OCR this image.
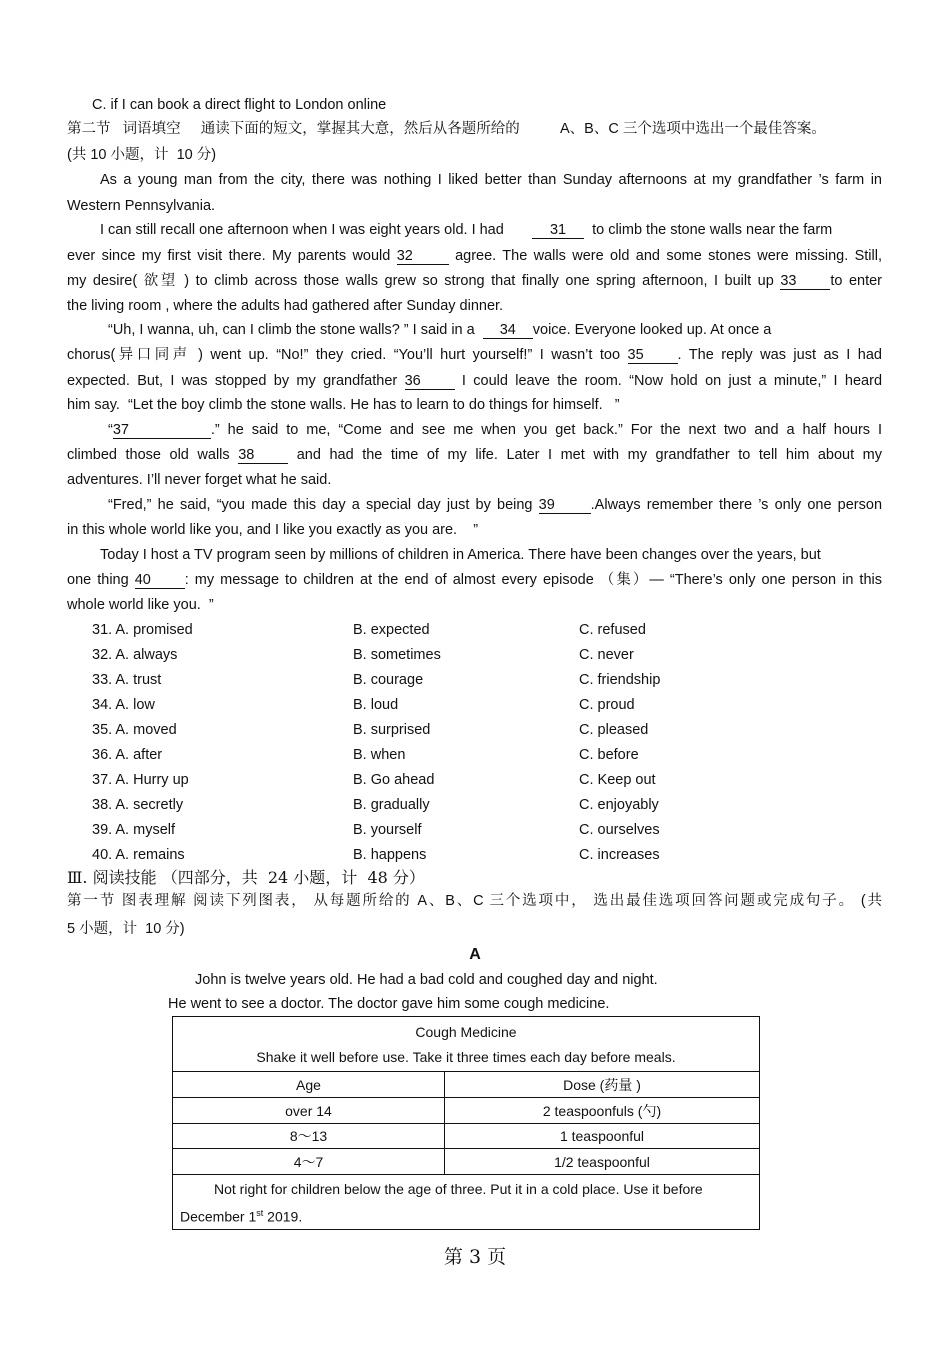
C. if I can book a direct flight to London online
第二节   词语填空     通读下面的短文，掌握其大意，然后从各题所给的          A、B、C 三个选项中选出一个最佳答案。
(共 10 小题，计  10 分)
As a young man from the city, there was nothing I liked better than Sunday afternoons at my grandfather ’s farm in
Western Pennsylvania.
I can still recall one afternoon when I was eight years old. I had       31  to climb the stone walls near the farm
ever since my first visit there. My parents would 32 agree. The walls were old and some stones were missing. Still,
my desire( 欲望 ) to climb across those walls grew so strong that finally one spring afternoon, I built up 33 to enter
the living room , where the adults had gathered after Sunday dinner.
“Uh, I wanna, uh, can I climb the stone walls? ” I said in a  34 voice. Everyone looked up. At once a
chorus(异口同声 ) went up. “No!” they cried. “You’ll hurt yourself!” I wasn’t too 35 . The reply was just as I had
expected. But, I was stopped by my grandfather 36 I could leave the room. “Now hold on just a minute,” I heard
him say.  “Let the boy climb the stone walls. He has to learn to do things for himself.   ”
“37	.” he said to me, “Come and see me when you get back.” For the next two and a half hours I
climbed those old walls 38 and had the time of my life. Later I met with my grandfather to tell him about my
adventures. I’ll never forget what he said.
“Fred,” he said, “you made this day a special day just by being 39 .Always remember there ’s only one person
in this whole world like you, and I like you exactly as you are.    ”
Today I host a TV program seen by millions of children in America. There have been changes over the years, but
one thing 40 : my message to children at the end of almost every episode （集）— “There’s only one person in this
whole world like you.  ”
31. A. promised	B. expected	C. refused
32. A. always	B. sometimes	C. never
33. A. trust	B. courage	C. friendship
34. A. low	B. loud	C. proud
35. A. moved	B. surprised	C. pleased
36. A. after	B. when	C. before
37. A. Hurry up	B. Go ahead	C. Keep out
38. A. secretly	B. gradually	C. enjoyably
39. A. myself	B. yourself	C. ourselves
40. A. remains	B. happens	C. increases
Ⅲ. 阅读技能 （四部分，共  24 小题，计  48 分）
第一节 图表理解 阅读下列图表， 从每题所给的 A、B、C 三个选项中， 选出最佳选项回答问题或完成句子。 (共
5 小题，计  10 分)
A
John is twelve years old. He had a bad cold and coughed day and night.
He went to see a doctor. The doctor gave him some cough medicine.
Cough Medicine
Shake it well before use. Take it three times each day before meals.	

Age	Dose (药量 )
over 14	2 teaspoonfuls (勺)
8～13	1 teaspoonful
4～7	1/2 teaspoonful

Not right for children below the age of three. Put it in a cold place. Use it before
December 1st 2019.	
第 3 页
